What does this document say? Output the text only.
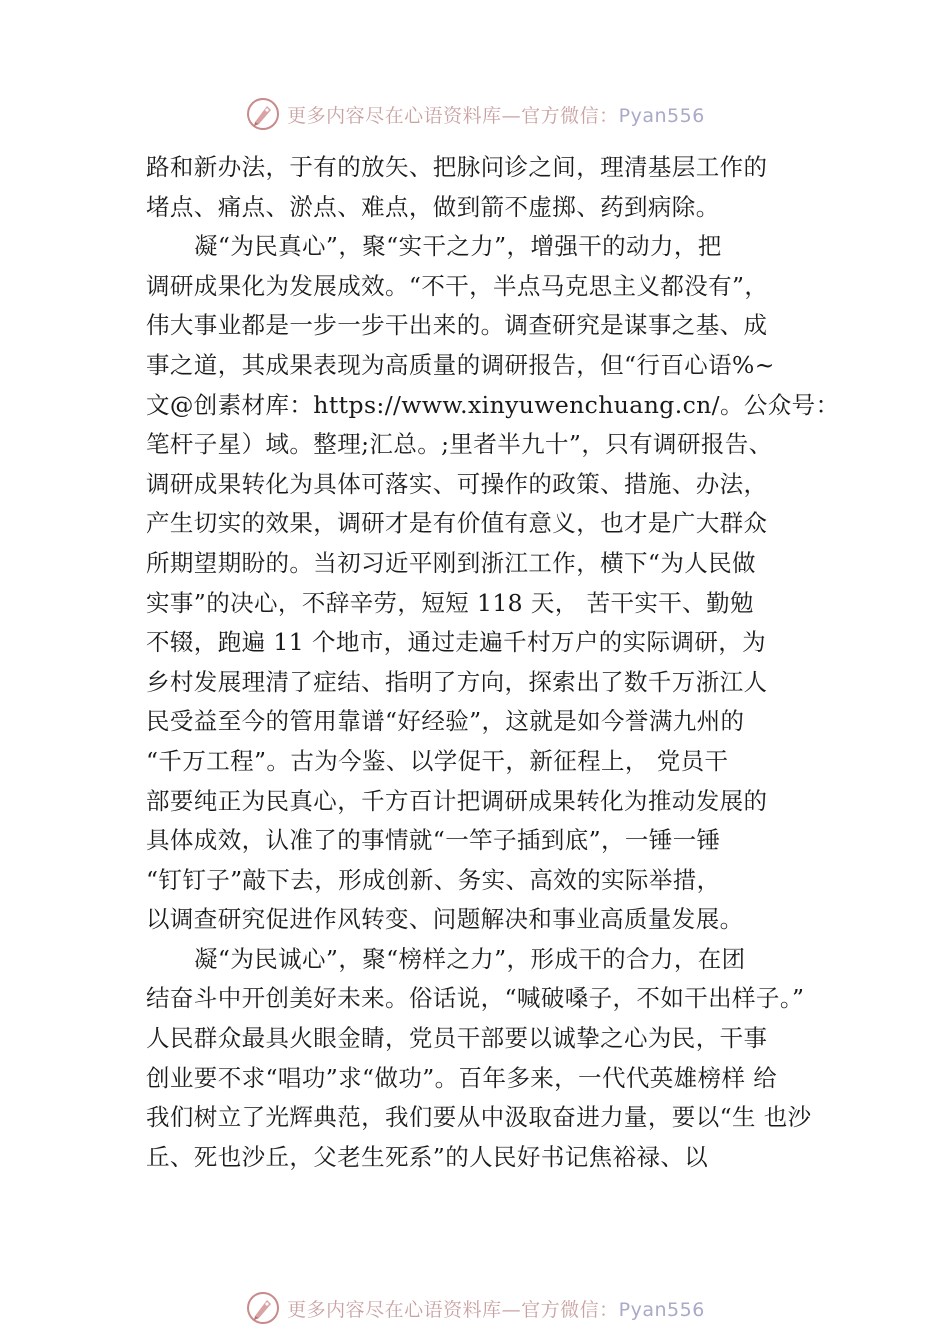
更多内容尽在心语资料库—官方微信：Pyan556
路和新办法，于有的放矢、把脉问诊之间，理清基层工作的
堵点、痛点、淤点、难点，做到箭不虚掷、药到病除。
凝“为民真心”，聚“实干之力”，增强干的动力，把
调研成果化为发展成效。“不干，半点马克思主义都没有”，
伟大事业都是一步一步干出来的。调查研究是谋事之基、成
事之道，其成果表现为高质量的调研报告，但“行百心语%~
文@创素材库：https://www.xinyuwenchuang.cn/。公众号：
笔杆子星）域。整理;汇总。;里者半九十”，只有调研报告、
调研成果转化为具体可落实、可操作的政策、措施、办法，
产生切实的效果，调研才是有价值有意义，也才是广大群众
所期望期盼的。当初习近平刚到浙江工作，横下“为人民做
实事”的决心，不辞辛劳，短短 118 天， 苦干实干、勤勉
不辍，跑遍 11 个地市，通过走遍千村万户的实际调研，为
乡村发展理清了症结、指明了方向，探索出了数千万浙江人
民受益至今的管用靠谱“好经验”，这就是如今誉满九州的
“千万工程”。古为今鉴、以学促干，新征程上， 党员干
部要纯正为民真心，千方百计把调研成果转化为推动发展的
具体成效，认准了的事情就“一竿子插到底”，一锤一锤
“钉钉子”敲下去，形成创新、务实、高效的实际举措，
以调查研究促进作风转变、问题解决和事业高质量发展。
凝“为民诚心”，聚“榜样之力”，形成干的合力，在团
结奋斗中开创美好未来。俗话说，“喊破嗓子，不如干出样子。”
人民群众最具火眼金睛，党员干部要以诚挚之心为民，干事
创业要不求“唱功”求“做功”。百年多来，一代代英雄榜样 给
我们树立了光辉典范，我们要从中汲取奋进力量，要以“生 也沙
丘、死也沙丘，父老生死系”的人民好书记焦裕禄、以
更多内容尽在心语资料库—官方微信：Pyan556
